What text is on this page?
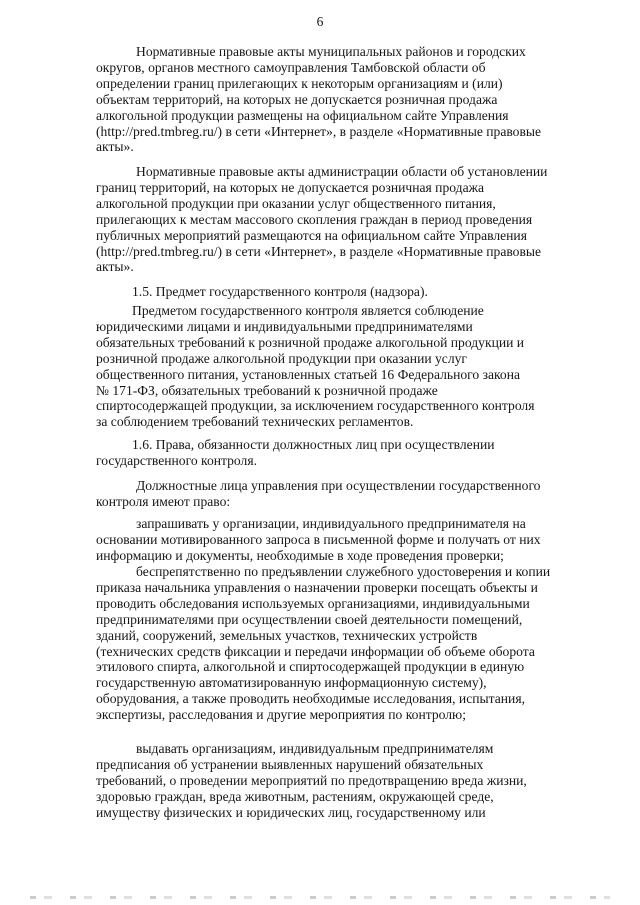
6

Нормативные правовые акты муниципальных районов и городских
округов, органов местного самоуправления Тамбовской области об
определении границ прилегающих к некоторым организациям и (или)
объектам территорий, на которых не допускается розничная продажа
алкогольной продукции размещены на официальном сайте Управления
(http://pred.tmbreg.ru/) в сети «Интернет», в разделе «Нормативные правовые
акты».

Нормативные правовые акты администрации области об установлении
границ территорий, на которых не допускается розничная продажа
алкогольной продукции при оказании услуг общественного питания,
прилегающих к местам массового скопления граждан в период проведения
публичных мероприятий размещаются на официальном сайте Управления
(http://pred.tmbreg.ru/) в сети «Интернет», в разделе «Нормативные правовые
акты».

1.5. Предмет государственного контроля (надзора).

Предметом государственного контроля является соблюдение
юридическими лицами и индивидуальными предпринимателями
обязательных требований к розничной продаже алкогольной продукции и
розничной продаже алкогольной продукции при оказании услуг
общественного питания, установленных статьей 16 Федерального закона
№ 171-ФЗ, обязательных требований к розничной продаже
спиртосодержащей продукции, за исключением государственного контроля
за соблюдением требований технических регламентов.

1.6. Права, обязанности должностных лиц при осуществлении
государственного контроля.

Должностные лица управления при осуществлении государственного
контроля имеют право:

запрашивать у организации, индивидуального предпринимателя на
основании мотивированного запроса в письменной форме и получать от них
информацию и документы, необходимые в ходе проведения проверки;

беспрепятственно по предъявлении служебного удостоверения и копии
приказа начальника управления о назначении проверки посещать объекты и
проводить обследования используемых организациями, индивидуальными
предпринимателями при осуществлении своей деятельности помещений,
зданий, сооружений, земельных участков, технических устройств
(технических средств фиксации и передачи информации об объеме оборота
этилового спирта, алкогольной и спиртосодержащей продукции в единую
государственную автоматизированную информационную систему),
оборудования, а также проводить необходимые исследования, испытания,
экспертизы, расследования и другие мероприятия по контролю;

выдавать организациям, индивидуальным предпринимателям
предписания об устранении выявленных нарушений обязательных
требований, о проведении мероприятий по предотвращению вреда жизни,
здоровью граждан, вреда животным, растениям, окружающей среде,
имуществу физических и юридических лиц, государственному или
